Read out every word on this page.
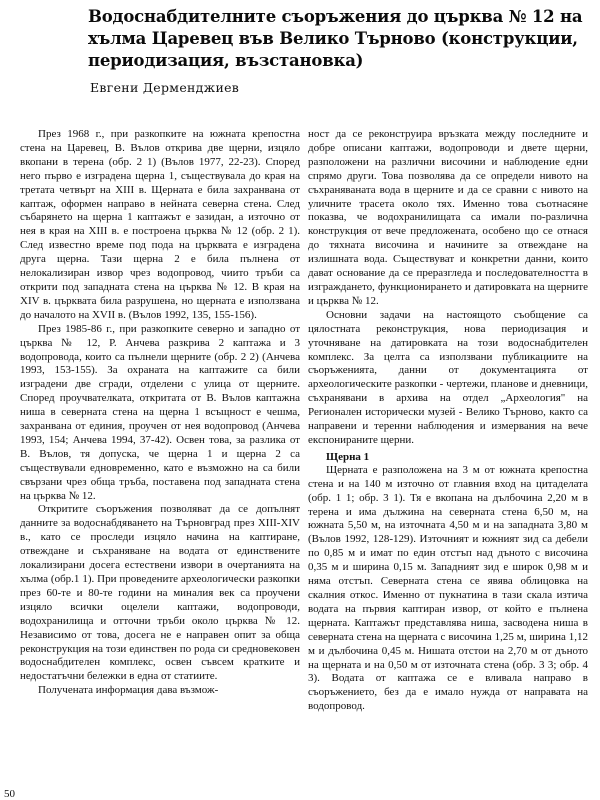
Водоснабдителните съоръжения до църква № 12 на хълма Царевец във Велико Търново (конструкции, периодизация, възстановка)

Евгени Дерменджиев

През 1968 г., при разкопките на южната крепостна стена на Царевец, В. Вълов открива две щерни, изцяло вкопани в терена (обр. 2 1) (Вълов 1977, 22-23). Според него първо е изградена щерна 1, съществувала до края на третата четвърт на XIII в. Щерната е била захранвана от каптаж, оформен направо в нейната северна стена. След събарянето на щерна 1 каптажът е зазидан, а източно от нея в края на XIII в. е построена църква № 12 (обр. 2 1). След известно време под пода на църквата е изградена друга щерна. Тази щерна 2 е била пълнена от нелокализиран извор чрез водопровод, чиито тръби са открити под западната стена на църква № 12. В края на XIV в. църквата била разрушена, но щерната е използвана до началото на XVII в. (Вълов 1992, 135, 155-156).

През 1985-86 г., при разкопките северно и западно от църква № 12, Р. Анчева разкрива 2 каптажа и 3 водопровода, които са пълнели щерните (обр. 2 2) (Анчева 1993, 153-155). За охраната на каптажите са били изградени две сгради, отделени с улица от щерните. Според проучвателката, откритата от В. Вълов каптажна ниша в северната стена на щерна 1 всъщност е чешма, захранвана от единия, проучен от нея водопровод (Анчева 1993, 154; Анчева 1994, 37-42). Освен това, за разлика от В. Вълов, тя допуска, че щерна 1 и щерна 2 са съществували едновременно, като е възможно на са били свързани чрез обща тръба, поставена под западната стена на църква № 12.

Откритите съоръжения позволяват да се допълнят данните за водоснабдяването на Търновград през XIII-XIV в., като се проследи изцяло начина на каптиране, отвеждане и съхраняване на водата от единствените локализирани досега естествени извори в очертанията на хълма (обр.1 1). При проведените археологически разкопки през 60-те и 80-те години на миналия век са проучени изцяло всички оцелели каптажи, водопроводи, водохранилища и отточни тръби около църква № 12. Независимо от това, досега не е направен опит за обща реконструкция на този единствен по рода си средновековен водоснабдителен комплекс, освен съвсем кратките и недостатъчни бележки в една от статиите.

Получената информация дава възмож-

ност да се реконструира връзката между последните и добре описани каптажи, водопроводи и двете щерни, разположени на различни височини и наблюдение едни спрямо други. Това позволява да се определи нивото на съхраняваната вода в щерните и да се сравни с нивото на уличните трасета около тях. Именно това съотнасяне показва, че водохранилищата са имали по-различна конструкция от вече предложената, особено що се отнася до тяхната височина и начините за отвеждане на излишната вода. Съществуват и конкретни данни, които дават основание да се преразгледа и последователността в изграждането, функционирането и датировката на щерните и църква № 12.

Основни задачи на настоящото съобщение са цялостната реконструкция, нова периодизация и уточняване на датировката на този водоснабдителен комплекс. За целта са използвани публикациите на съоръженията, данни от документацията от археологическите разкопки - чертежи, планове и дневници, съхранявани в архива на отдел „Археология" на Регионален исторически музей - Велико Търново, както са направени и теренни наблюдения и измервания на вече експонираните щерни.

Щерна 1

Щерната е разположена на 3 м от южната крепостна стена и на 140 м източно от главния вход на цитаделата (обр. 1 1; обр. 3 1). Тя е вкопана на дълбочина 2,20 м в терена и има дължина на северната стена 6,50 м, на южната 5,50 м, на източната 4,50 м и на западната 3,80 м (Вълов 1992, 128-129). Източният и южният зид са дебели по 0,85 м и имат по един отстъп над дъното с височина 0,35 м и ширина 0,15 м. Западният зид е широк 0,98 м и няма отстъп. Северната стена се явява облицовка на скалния откос. Именно от пукнатина в тази скала изтича водата на първия каптиран извор, от който е пълнена щерната. Каптажът представлява ниша, засводена ниша в северната стена на щерната с височина 1,25 м, ширина 1,12 м и дълбочина 0,45 м. Нишата отстои на 2,70 м от дъното на щерната и на 0,50 м от източната стена (обр. 3 3; обр. 4 3). Водата от каптажа се е вливала направо в съоръжението, без да е имало нужда от направата на водопровод.

50
